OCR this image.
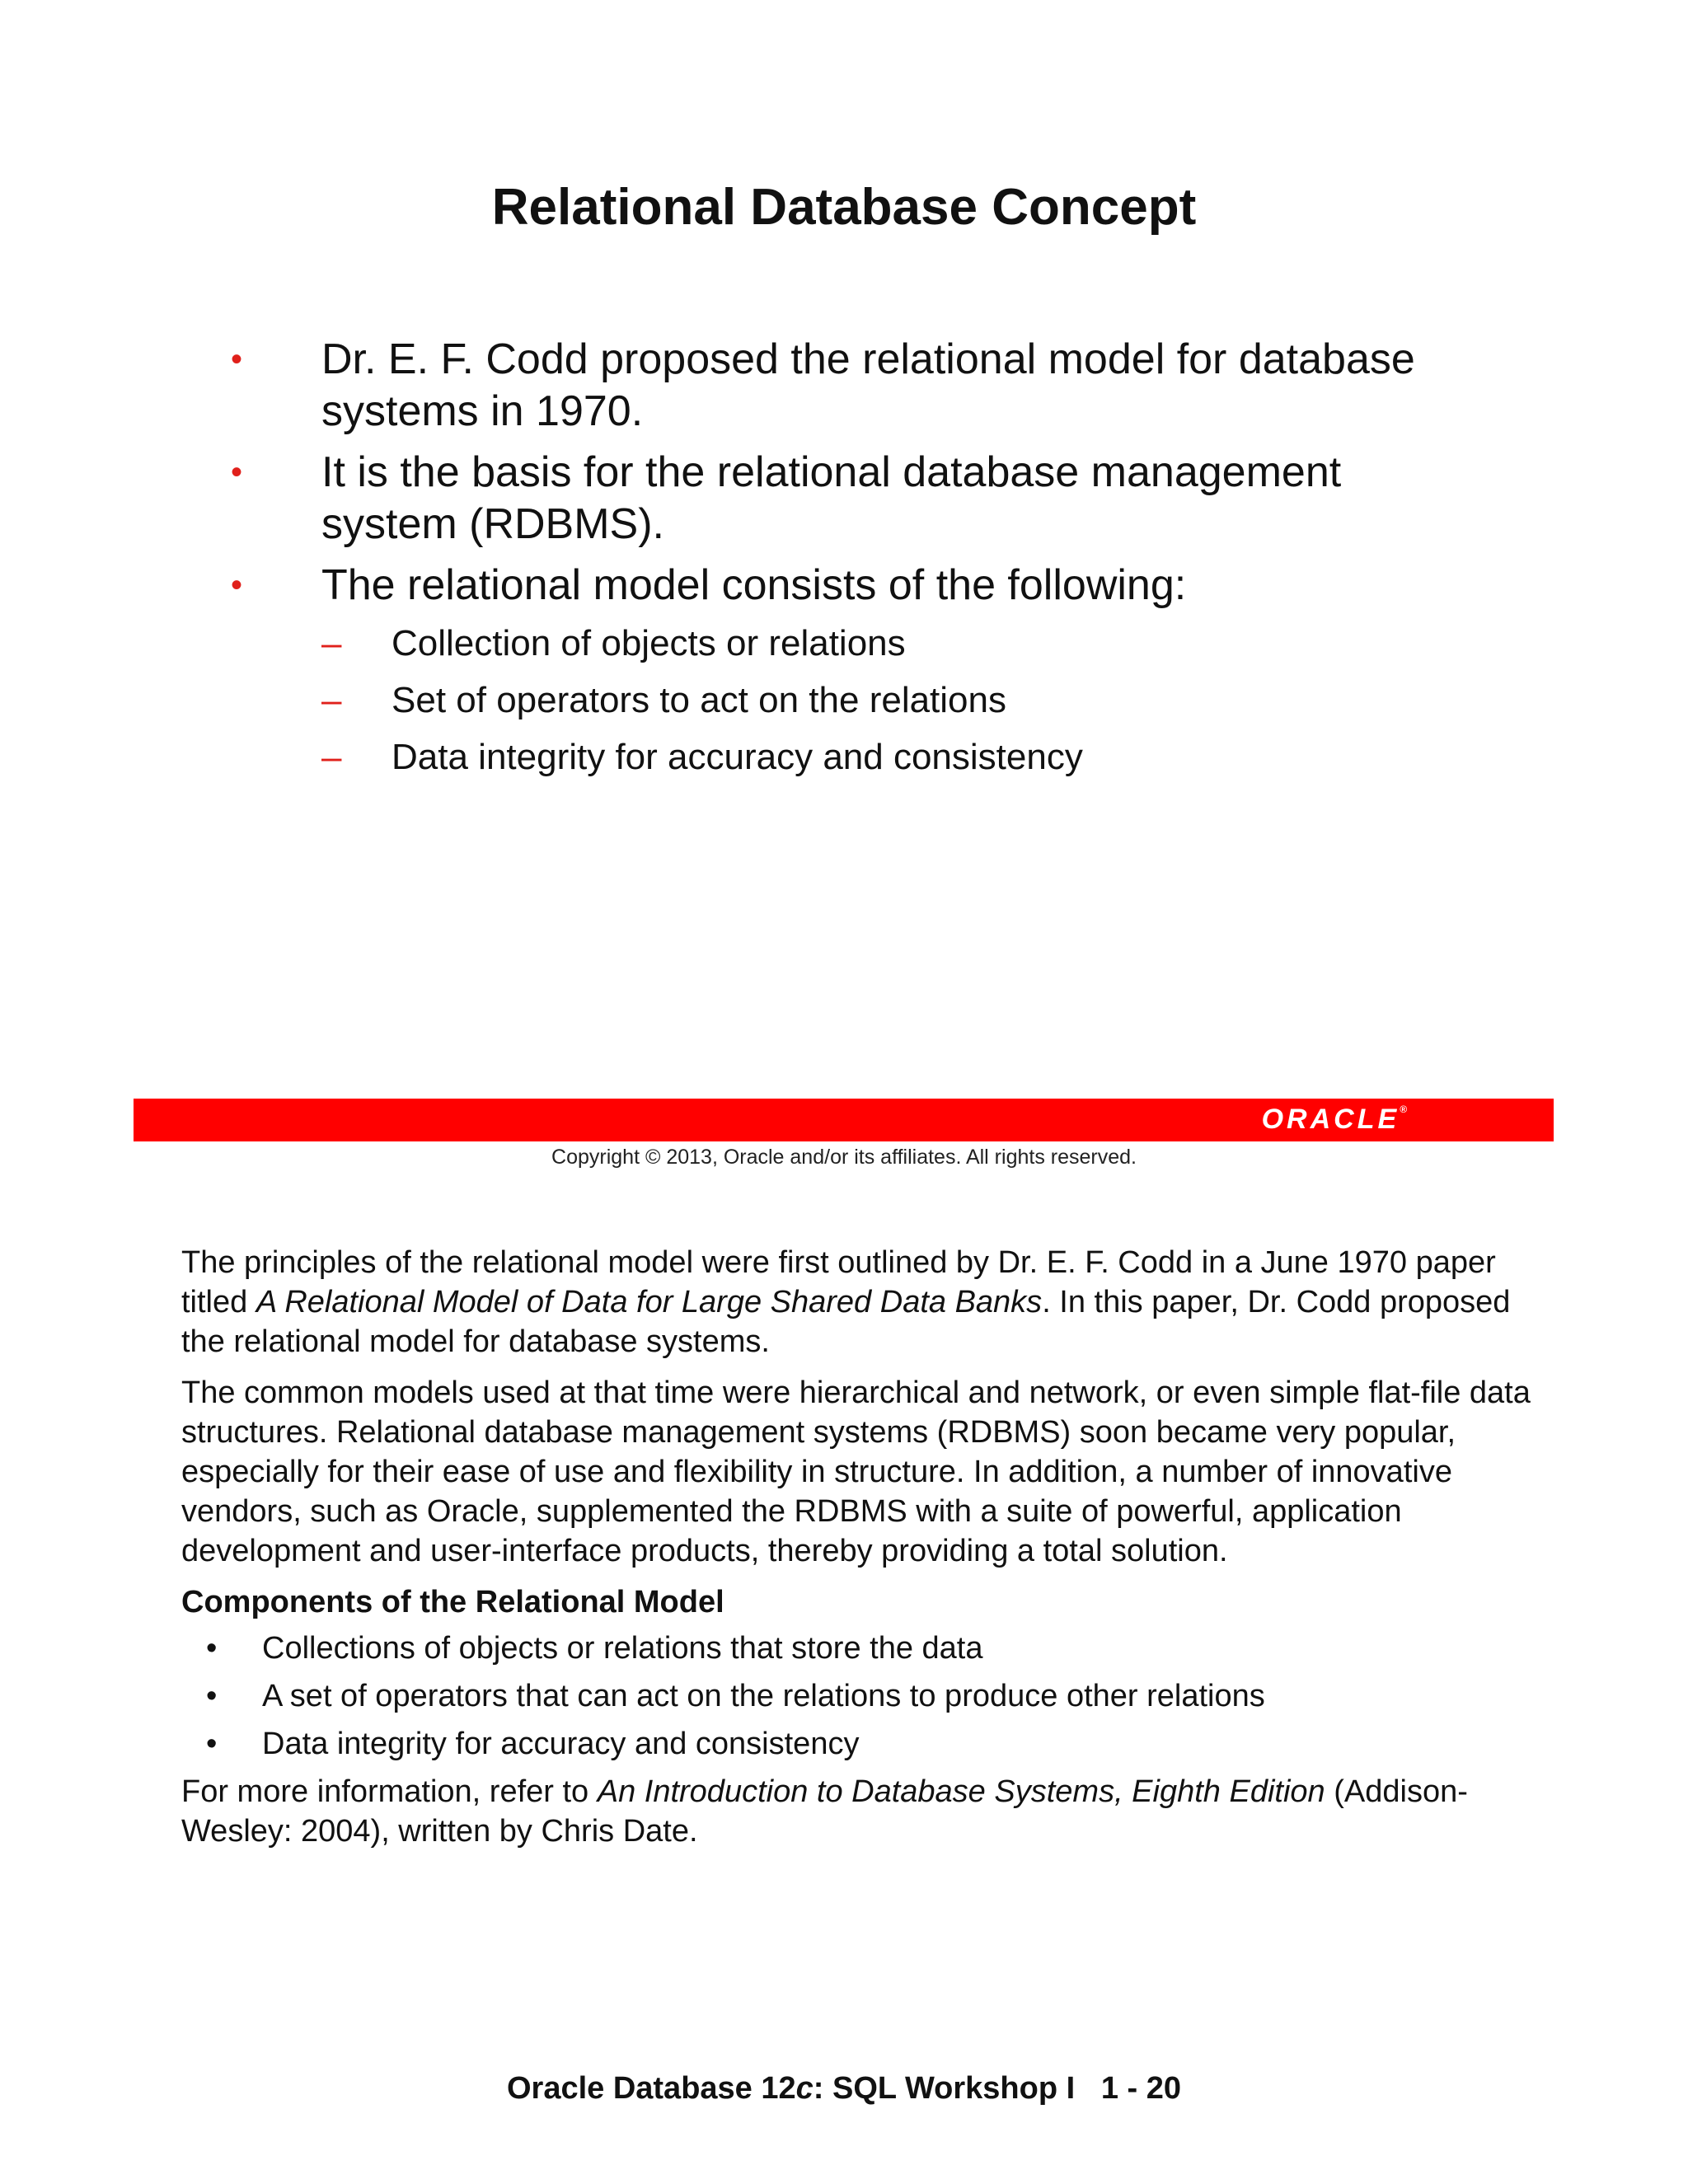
Relational Database Concept
• Dr. E. F. Codd proposed the relational model for database systems in 1970.
• It is the basis for the relational database management system (RDBMS).
• The relational model consists of the following:
– Collection of objects or relations
– Set of operators to act on the relations
– Data integrity for accuracy and consistency
ORACLE®
Copyright © 2013, Oracle and/or its affiliates. All rights reserved.

The principles of the relational model were first outlined by Dr. E. F. Codd in a June 1970 paper titled A Relational Model of Data for Large Shared Data Banks. In this paper, Dr. Codd proposed the relational model for database systems.

The common models used at that time were hierarchical and network, or even simple flat-file data structures. Relational database management systems (RDBMS) soon became very popular, especially for their ease of use and flexibility in structure. In addition, a number of innovative vendors, such as Oracle, supplemented the RDBMS with a suite of powerful, application development and user-interface products, thereby providing a total solution.

Components of the Relational Model

• Collections of objects or relations that store the data
• A set of operators that can act on the relations to produce other relations
• Data integrity for accuracy and consistency

For more information, refer to An Introduction to Database Systems, Eighth Edition (Addison-Wesley: 2004), written by Chris Date.

Oracle Database 12c: SQL Workshop I   1 - 20
